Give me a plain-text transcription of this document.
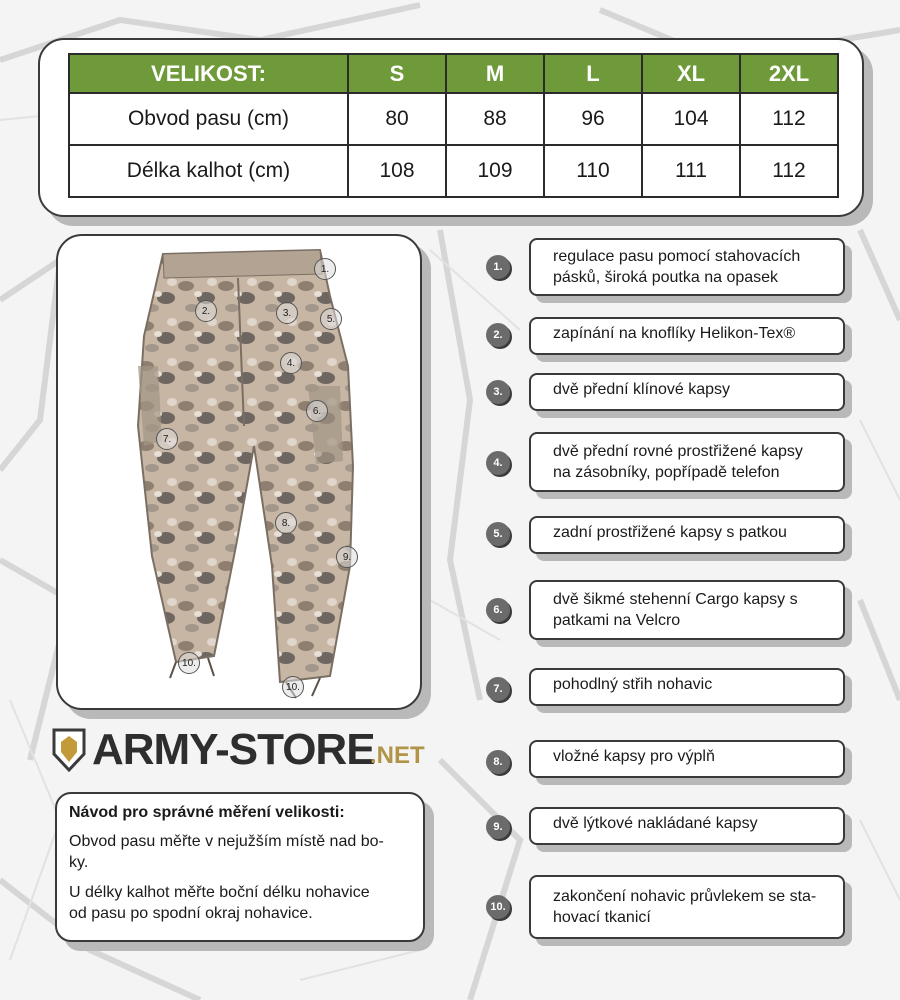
VELIKOST:	S	M	L	XL	2XL
Obvod pasu (cm)	80	88	96	104	112
Délka kalhot (cm)	108	109	110	111	112
1.
2.	3.
5.
4.
6.
7.
8.
9.
10.
10.
ARMY-STORE
.NET
Návod pro správné měření velikosti:
Obvod pasu měřte v nejužším místě nad bo-
ky.
U délky kalhot měřte boční délku nohavice
od pasu po spodní okraj nohavice.
1.
regulace pasu pomocí stahovacích
pásků, široká poutka na opasek
2.	zapínání na knoflíky Helikon-Tex®
3.	dvě přední klínové kapsy
4.
dvě přední rovné prostřižené kapsy
na zásobníky, popřípadě telefon
5.	zadní prostřižené kapsy s patkou
6.
dvě šikmé stehenní Cargo kapsy s
patkami na Velcro
7.	pohodlný střih nohavic
8.	vložné kapsy pro výplň
9.	dvě lýtkové nakládané kapsy
10.
zakončení nohavic průvlekem se sta-
hovací tkanicí
